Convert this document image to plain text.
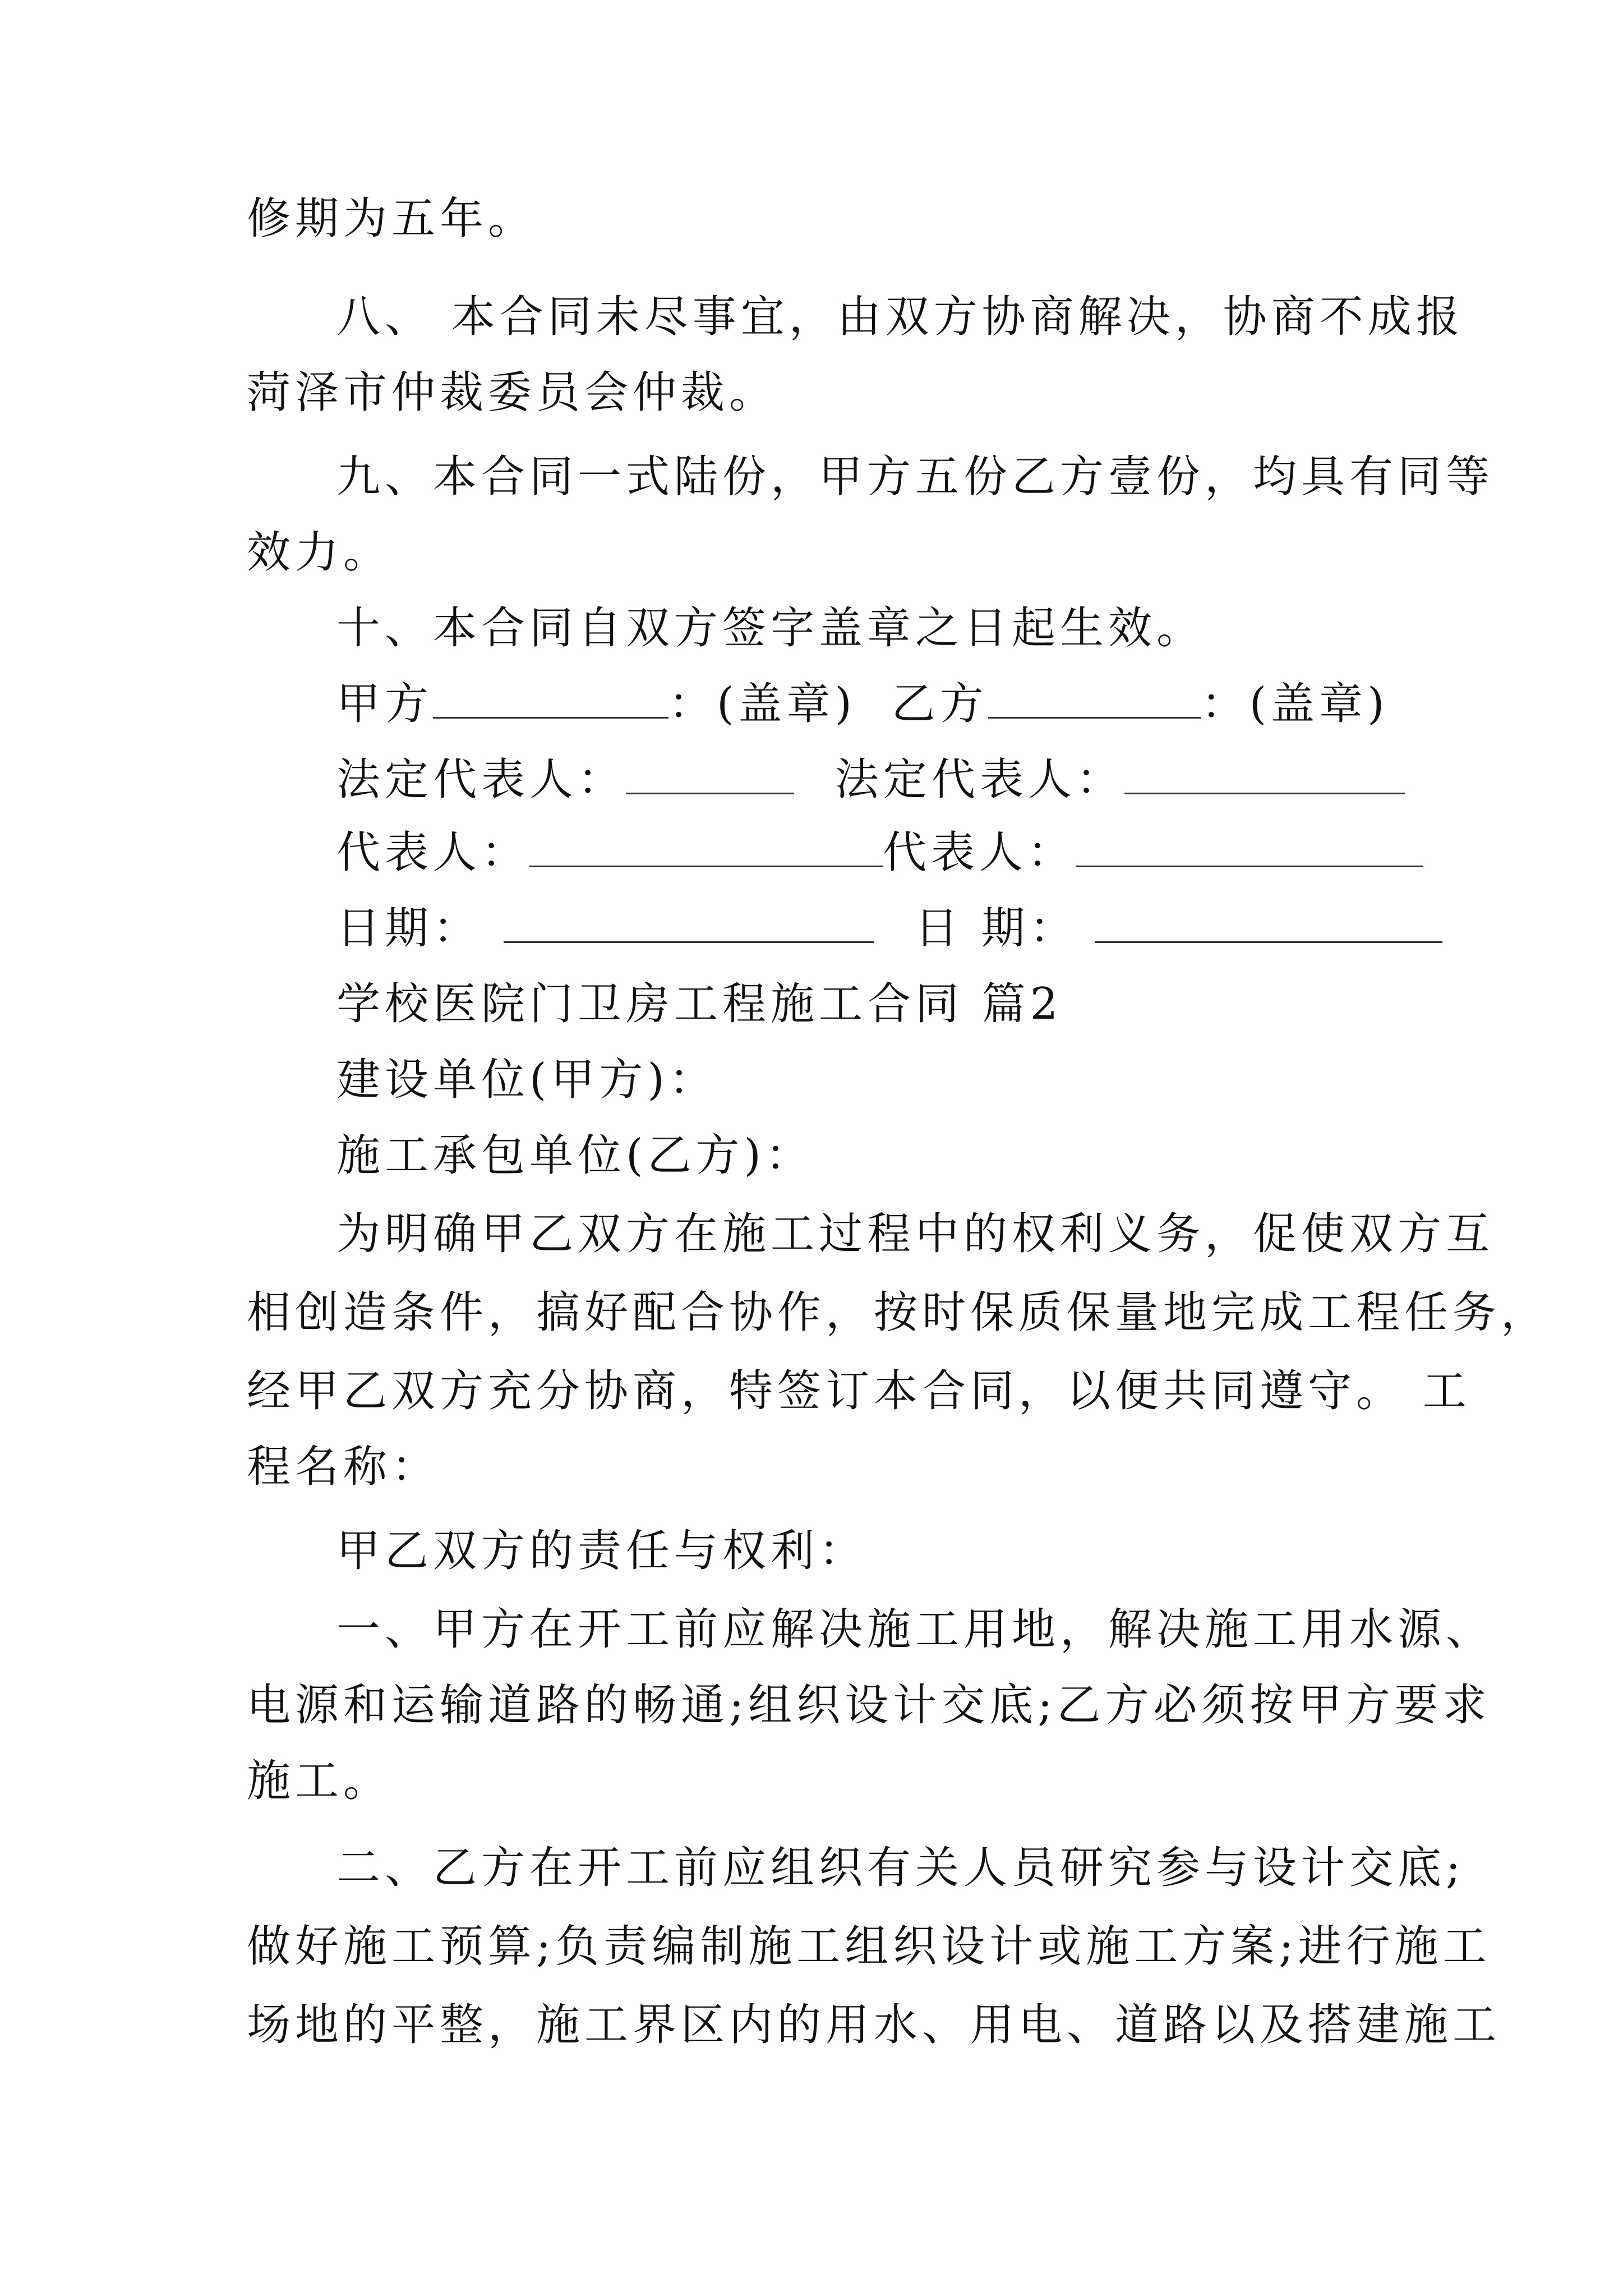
修期为五年。

八、 本合同未尽事宜，由双方协商解决，协商不成报

菏泽市仲裁委员会仲裁。

九、本合同一式陆份，甲方五份乙方壹份，均具有同等

效力。

十、本合同自双方签字盖章之日起生效。

甲方	：(盖章) 乙方	：(盖章)

法定代表人：	法定代表人：

代表人：	代表人：

日期：	日 期：

学校医院门卫房工程施工合同 篇2

建设单位(甲方)：

施工承包单位(乙方)：

为明确甲乙双方在施工过程中的权利义务，促使双方互

相创造条件，搞好配合协作，按时保质保量地完成工程任务，

经甲乙双方充分协商，特签订本合同，以便共同遵守。 工

程名称：

甲乙双方的责任与权利：

一、甲方在开工前应解决施工用地，解决施工用水源、

电源和运输道路的畅通;组织设计交底;乙方必须按甲方要求

施工。

二、乙方在开工前应组织有关人员研究参与设计交底;

做好施工预算;负责编制施工组织设计或施工方案;进行施工

场地的平整，施工界区内的用水、用电、道路以及搭建施工
